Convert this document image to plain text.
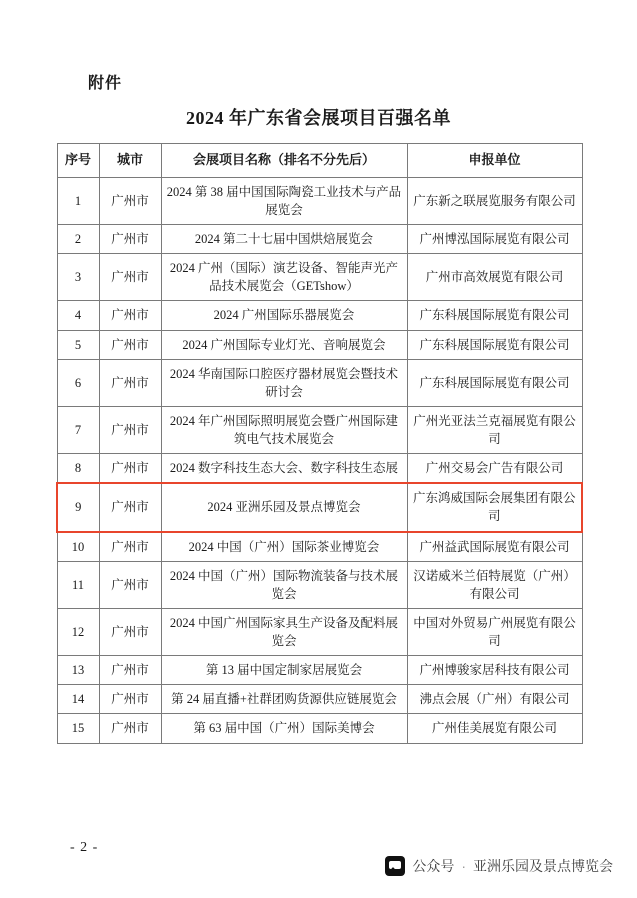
附件
2024 年广东省会展项目百强名单
序号	城市	会展项目名称（排名不分先后）	申报单位
1	广州市	2024 第 38 届中国国际陶瓷工业技术与产品展览会	广东新之联展览服务有限公司
2	广州市	2024 第二十七届中国烘焙展览会	广州博泓国际展览有限公司
3	广州市	2024 广州（国际）演艺设备、智能声光产品技术展览会（GETshow）	广州市高效展览有限公司
4	广州市	2024 广州国际乐器展览会	广东科展国际展览有限公司
5	广州市	2024 广州国际专业灯光、音响展览会	广东科展国际展览有限公司
6	广州市	2024 华南国际口腔医疗器材展览会暨技术研讨会	广东科展国际展览有限公司
7	广州市	2024 年广州国际照明展览会暨广州国际建筑电气技术展览会	广州光亚法兰克福展览有限公司
8	广州市	2024 数字科技生态大会、数字科技生态展	广州交易会广告有限公司
9	广州市	2024 亚洲乐园及景点博览会	广东鸿威国际会展集团有限公司
10	广州市	2024 中国（广州）国际茶业博览会	广州益武国际展览有限公司
11	广州市	2024 中国（广州）国际物流装备与技术展览会	汉诺威米兰佰特展览（广州）有限公司
12	广州市	2024 中国广州国际家具生产设备及配料展览会	中国对外贸易广州展览有限公司
13	广州市	第 13 届中国定制家居展览会	广州博骏家居科技有限公司
14	广州市	第 24 届直播+社群团购货源供应链展览会	沸点会展（广州）有限公司
15	广州市	第 63 届中国（广州）国际美博会	广州佳美展览有限公司
- 2 -
公众号 · 亚洲乐园及景点博览会
